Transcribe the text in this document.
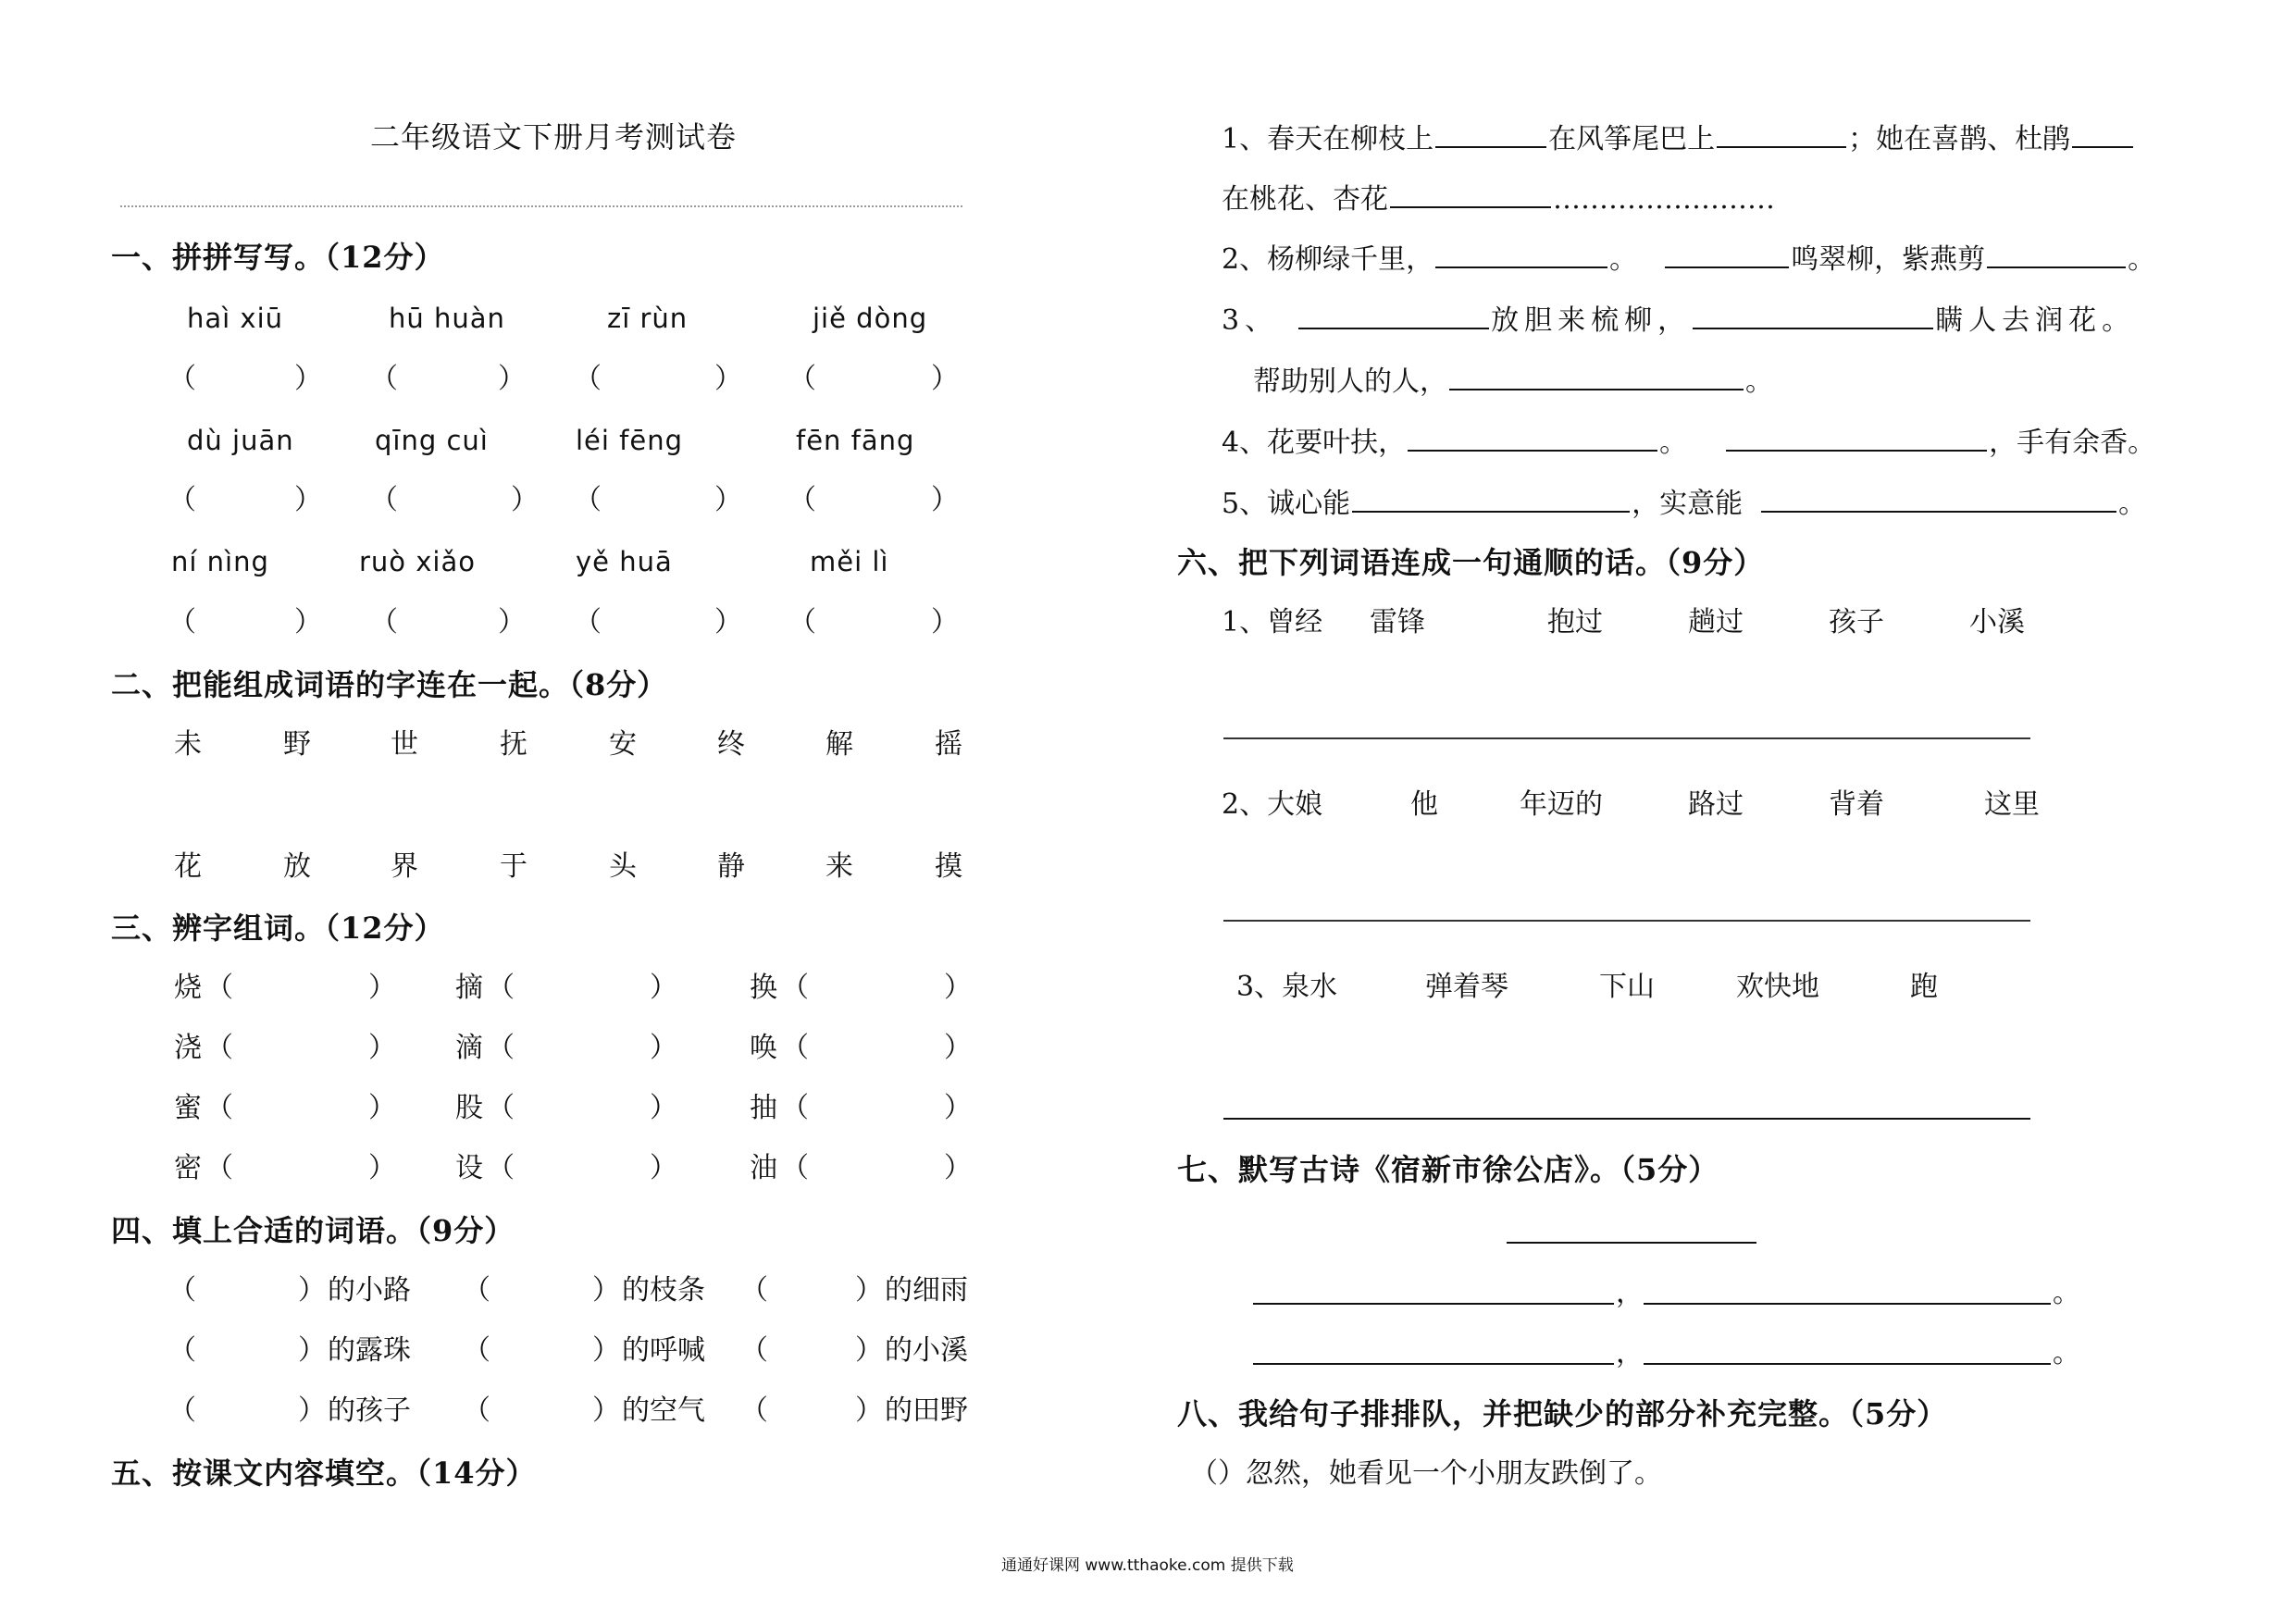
二年级语文下册月考测试卷
一、拼拼写写。（12分）
haì xiū	hū huàn	zī rùn	jiě dòng
（	） （	） （	） （	）
dù juān	qīng cuì	léi fēng	fēn fāng
（	） （	） （	） （	）
ní nìng	ruò xiǎo	yě huā	měi lì
（	） （	） （	） （	）
二、把能组成词语的字连在一起。（8分）
未	野	世	抚	安	终	解	摇
花	放	界	于	头	静	来	摸
三、辨字组词。（12分）
烧 （	） 摘 （	）	换 （	）
浇 （	） 滴 （	）	唤 （	）
蜜 （	） 股 （	）	抽 （	）
密 （	） 设 （	）	油 （	）
四、填上合适的词语。（9分）
（	） 的小路 （	） 的枝条 （	） 的细雨
（	） 的露珠 （	） 的呼喊 （	） 的小溪
（	） 的孩子 （	） 的空气 （	） 的田野
五、按课文内容填空。（14分）
1、春天在柳枝上	在风筝尾巴上	；她在喜鹊、杜鹃
在桃花、杏花	……………………
2、杨柳绿千里，	。	鸣翠柳，紫燕剪	。
3、	放胆来梳柳，	瞒人去润花。
帮助别人的人，	。
4、花要叶扶，	。	，手有余香。
5、诚心能	，实意能	。
六、把下列词语连成一句通顺的话。（9分）
1、曾经 雷锋	抱过	趟过	孩子	小溪
2、大娘	他	年迈的	路过	背着	这里
3、泉水	弹着琴	下山	欢快地	跑
七、默写古诗《宿新市徐公店》。（5分）
，	。
，	。
八、我给句子排排队，并把缺少的部分补充完整。（5分）
（）忽然，她看见一个小朋友跌倒了。
通通好课网 www.tthaoke.com 提供下载
